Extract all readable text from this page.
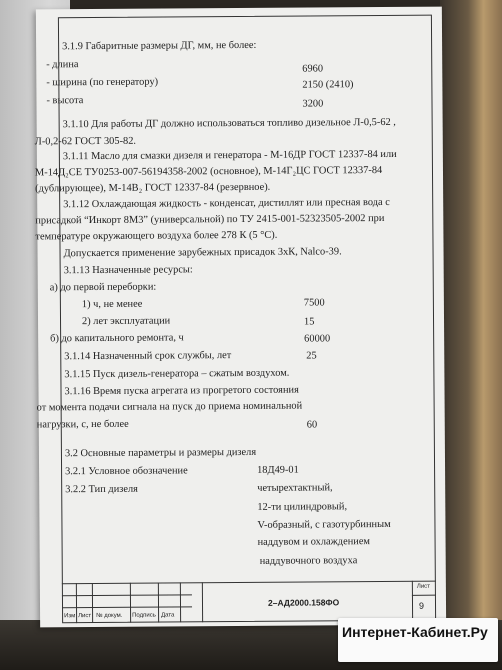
3.1.9 Габаритные размеры ДГ, мм, не более:
- длина	6960
- ширина (по генератору)	2150 (2410)
- высота	3200
3.1.10 Для работы ДГ должно использоваться топливо дизельное Л-0,5-62 ,
Л-0,2-62 ГОСТ 305-82.
3.1.11 Масло для смазки дизеля и генератора - М-16ДР ГОСТ 12337-84 или
М-14Д₂СЕ ТУ0253-007-56194358-2002 (основное), М-14Г₂ЦС ГОСТ 12337-84
(дублирующее), М-14В₂ ГОСТ 12337-84 (резервное).
3.1.12 Охлаждающая жидкость - конденсат, дистиллят или пресная вода с
присадкой “Инкорт 8М3” (универсальной) по ТУ 2415-001-52323505-2002 при
температуре окружающего воздуха более 278 К (5 °С).
Допускается применение зарубежных присадок 3хК, Nalco-39.
3.1.13 Назначенные ресурсы:
а) до первой переборки:
1) ч, не менее	7500
2) лет эксплуатации	15
б) до капитального ремонта, ч	60000
3.1.14 Назначенный срок службы, лет	25
3.1.15 Пуск дизель-генератора – сжатым воздухом.
3.1.16 Время пуска агрегата из прогретого состояния
от момента подачи сигнала на пуск до приема номинальной
нагрузки, с, не более	60
3.2 Основные параметры и размеры дизеля
3.2.1 Условное обозначение	18Д49-01
3.2.2 Тип дизеля	четырехтактный,
12-ти цилиндровый,
V-образный, с газотурбинным
наддувом и охлаждением
наддувочного воздуха
Изм Лист № докум. Подпись Дата
2–АД2000.158ФО
Лист
9
Интернет-Кабинет.Ру
